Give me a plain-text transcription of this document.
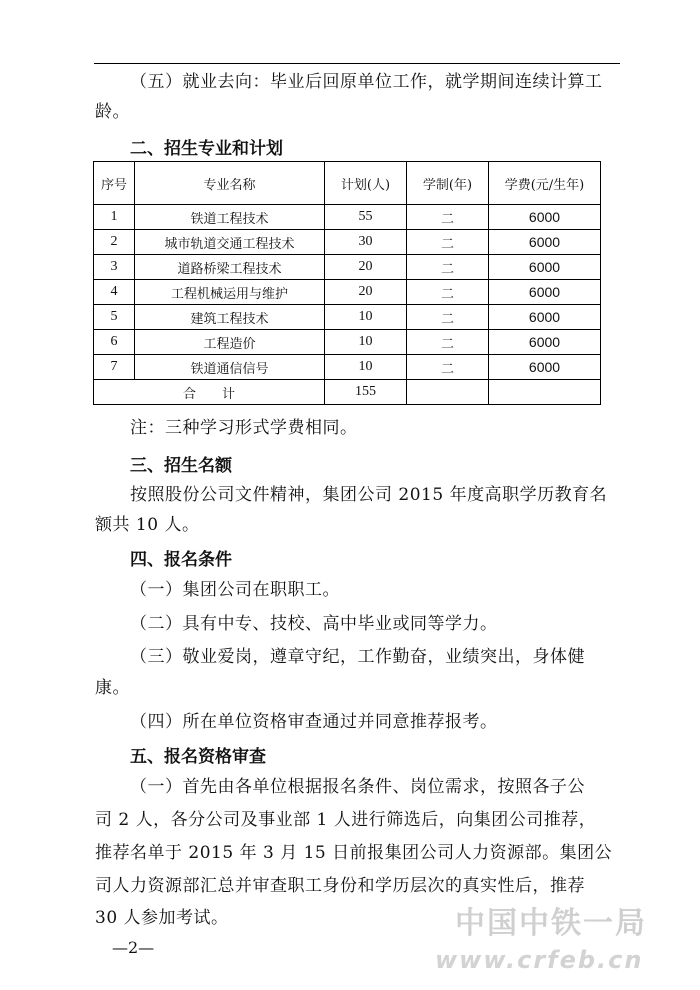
（五）就业去向：毕业后回原单位工作，就学期间连续计算工
龄。
二、招生专业和计划
序号	专业名称	计划(人)	学制(年)	学费(元/生年)
1	铁道工程技术	55	二	6000
2	城市轨道交通工程技术	30	二	6000
3	道路桥梁工程技术	20	二	6000
4	工程机械运用与维护	20	二	6000
5	建筑工程技术	10	二	6000
6	工程造价	10	二	6000
7	铁道通信信号	10	二	6000
合　　计		155		
注：三种学习形式学费相同。
三、招生名额
按照股份公司文件精神，集团公司 2015 年度高职学历教育名
额共 10 人。
四、报名条件
（一）集团公司在职职工。
（二）具有中专、技校、高中毕业或同等学力。
（三）敬业爱岗，遵章守纪，工作勤奋，业绩突出，身体健
康。
（四）所在单位资格审查通过并同意推荐报考。
五、报名资格审查
（一）首先由各单位根据报名条件、岗位需求，按照各子公
司 2 人，各分公司及事业部 1 人进行筛选后，向集团公司推荐，
推荐名单于 2015 年 3 月 15 日前报集团公司人力资源部。集团公
司人力资源部汇总并审查职工身份和学历层次的真实性后，推荐
30 人参加考试。	中国中铁一局
www.crfeb.cn
—2—
